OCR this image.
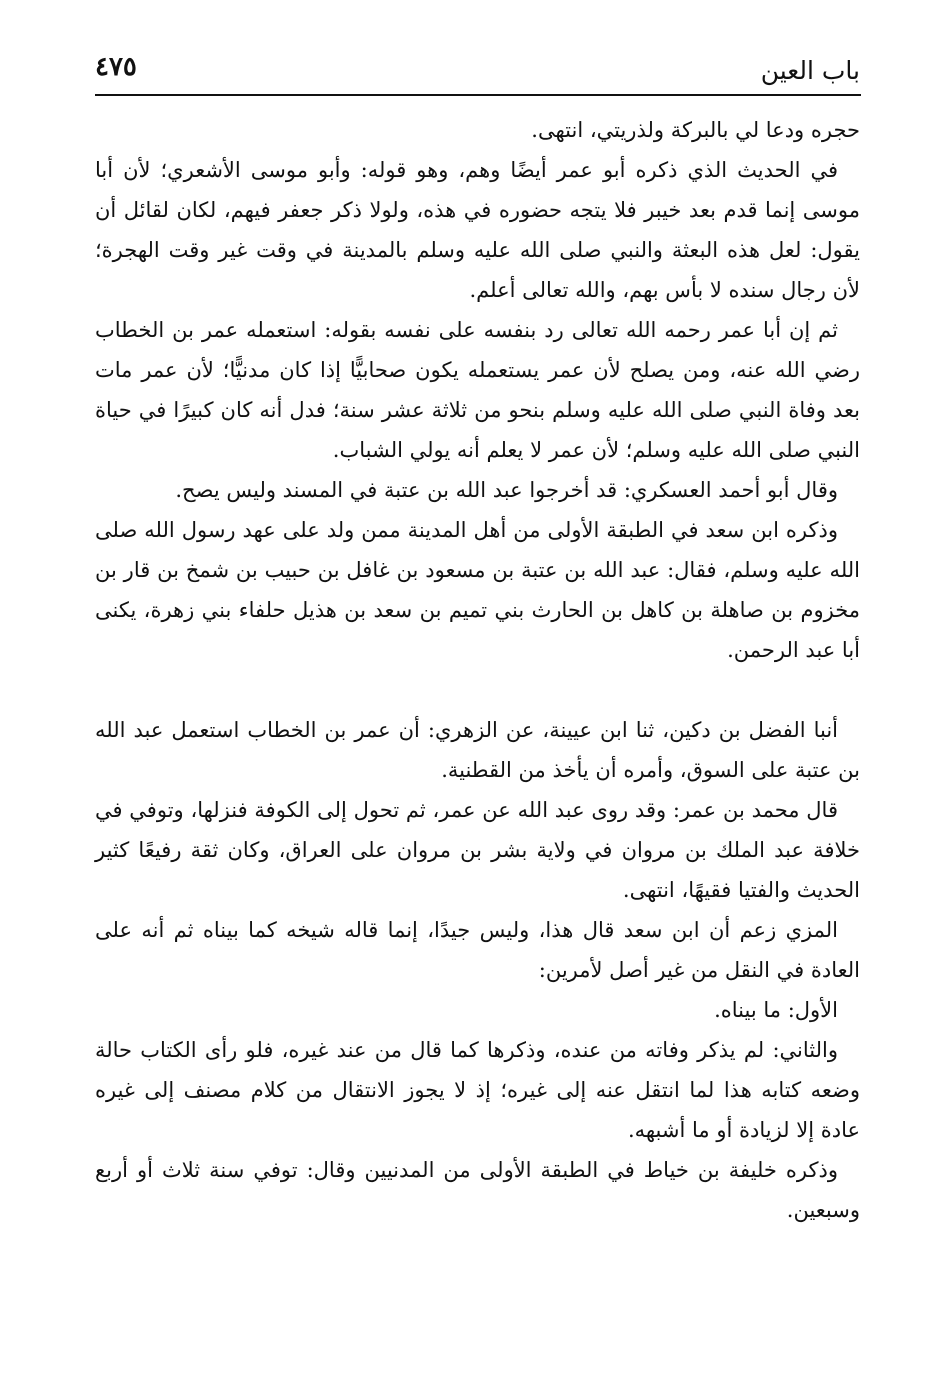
باب العين
٤٧٥

حجره ودعا لي بالبركة ولذريتي، انتهى.

في الحديث الذي ذكره أبو عمر أيضًا وهم، وهو قوله: وأبو موسى الأشعري؛ لأن أبا موسى إنما قدم بعد خيبر فلا يتجه حضوره في هذه، ولولا ذكر جعفر فيهم، لكان لقائل أن يقول: لعل هذه البعثة والنبي صلى الله عليه وسلم بالمدينة في وقت غير وقت الهجرة؛ لأن رجال سنده لا بأس بهم، والله تعالى أعلم.

ثم إن أبا عمر رحمه الله تعالى رد بنفسه على نفسه بقوله: استعمله عمر بن الخطاب رضي الله عنه، ومن يصلح لأن عمر يستعمله يكون صحابيًّا إذا كان مدنيًّا؛ لأن عمر مات بعد وفاة النبي صلى الله عليه وسلم بنحو من ثلاثة عشر سنة؛ فدل أنه كان كبيرًا في حياة النبي صلى الله عليه وسلم؛ لأن عمر لا يعلم أنه يولي الشباب.

وقال أبو أحمد العسكري: قد أخرجوا عبد الله بن عتبة في المسند وليس يصح.

وذكره ابن سعد في الطبقة الأولى من أهل المدينة ممن ولد على عهد رسول الله صلى الله عليه وسلم، فقال: عبد الله بن عتبة بن مسعود بن غافل بن حبيب بن شمخ بن قار بن مخزوم بن صاهلة بن كاهل بن الحارث بني تميم بن سعد بن هذيل حلفاء بني زهرة، يكنى أبا عبد الرحمن.

أنبا الفضل بن دكين، ثنا ابن عيينة، عن الزهري: أن عمر بن الخطاب استعمل عبد الله بن عتبة على السوق، وأمره أن يأخذ من القطنية.

قال محمد بن عمر: وقد روى عبد الله عن عمر، ثم تحول إلى الكوفة فنزلها، وتوفي في خلافة عبد الملك بن مروان في ولاية بشر بن مروان على العراق، وكان ثقة رفيعًا كثير الحديث والفتيا فقيهًا، انتهى.

المزي زعم أن ابن سعد قال هذا، وليس جيدًا، إنما قاله شيخه كما بيناه ثم أنه على العادة في النقل من غير أصل لأمرين:

الأول: ما بيناه.

والثاني: لم يذكر وفاته من عنده، وذكرها كما قال من عند غيره، فلو رأى الكتاب حالة وضعه كتابه هذا لما انتقل عنه إلى غيره؛ إذ لا يجوز الانتقال من كلام مصنف إلى غيره عادة إلا لزيادة أو ما أشبهه.

وذكره خليفة بن خياط في الطبقة الأولى من المدنيين وقال: توفي سنة ثلاث أو أربع وسبعين.
